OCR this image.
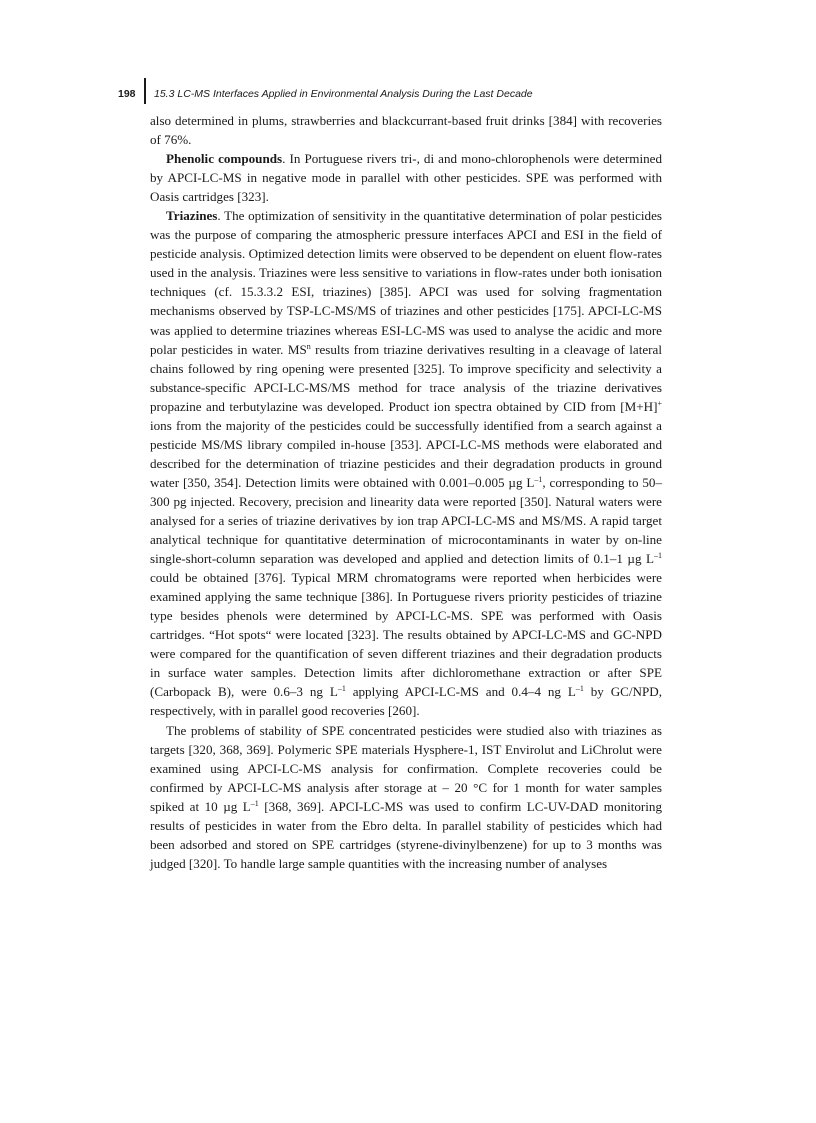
198 15.3 LC-MS Interfaces Applied in Environmental Analysis During the Last Decade

also determined in plums, strawberries and blackcurrant-based fruit drinks [384] with recoveries of 76%.

Phenolic compounds. In Portuguese rivers tri-, di and mono-chlorophenols were determined by APCI-LC-MS in negative mode in parallel with other pesticides. SPE was performed with Oasis cartridges [323].

Triazines. The optimization of sensitivity in the quantitative determination of polar pesticides was the purpose of comparing the atmospheric pressure interfaces APCI and ESI in the field of pesticide analysis. Optimized detection limits were observed to be dependent on eluent flow-rates used in the analysis. Triazines were less sensitive to variations in flow-rates under both ionisation techniques (cf. 15.3.3.2 ESI, triazines) [385]. APCI was used for solving fragmentation mechanisms observed by TSP-LC-MS/MS of triazines and other pesticides [175]. APCI-LC-MS was applied to determine triazines whereas ESI-LC-MS was used to analyse the acidic and more polar pesticides in water. $MS^n$ results from triazine derivatives resulting in a cleavage of lateral chains followed by ring opening were presented [325]. To improve specificity and selectivity a substance-specific APCI-LC-MS/MS method for trace analysis of the triazine derivatives propazine and terbutylazine was developed. Product ion spectra obtained by CID from [M+H]+ ions from the majority of the pesticides could be successfully identified from a search against a pesticide MS/MS library compiled in-house [353]. APCI-LC-MS methods were elaborated and described for the determination of triazine pesticides and their degradation products in ground water [350, 354]. Detection limits were obtained with 0.001–0.005 µg $L^{-1}$, corresponding to 50–300 pg injected. Recovery, precision and linearity data were reported [350]. Natural waters were analysed for a series of triazine derivatives by ion trap APCI-LC-MS and MS/MS. A rapid target analytical technique for quantitative determination of microcontaminants in water by on-line single-short-column separation was developed and applied and detection limits of 0.1–1 µg $L^{-1}$ could be obtained [376]. Typical MRM chromatograms were reported when herbicides were examined applying the same technique [386]. In Portuguese rivers priority pesticides of triazine type besides phenols were determined by APCI-LC-MS. SPE was performed with Oasis cartridges. “Hot spots“ were located [323]. The results obtained by APCI-LC-MS and GC-NPD were compared for the quantification of seven different triazines and their degradation products in surface water samples. Detection limits after dichloromethane extraction or after SPE (Carbopack B), were 0.6–3 ng $L^{-1}$ applying APCI-LC-MS and 0.4–4 ng $L^{-1}$ by GC/NPD, respectively, with in parallel good recoveries [260].

The problems of stability of SPE concentrated pesticides were studied also with triazines as targets [320, 368, 369]. Polymeric SPE materials Hysphere-1, IST Envirolut and LiChrolut were examined using APCI-LC-MS analysis for confirmation. Complete recoveries could be confirmed by APCI-LC-MS analysis after storage at – 20 °C for 1 month for water samples spiked at 10 µg $L^{-1}$ [368, 369]. APCI-LC-MS was used to confirm LC-UV-DAD monitoring results of pesticides in water from the Ebro delta. In parallel stability of pesticides which had been adsorbed and stored on SPE cartridges (styrene-divinylbenzene) for up to 3 months was judged [320]. To handle large sample quantities with the increasing number of analyses
